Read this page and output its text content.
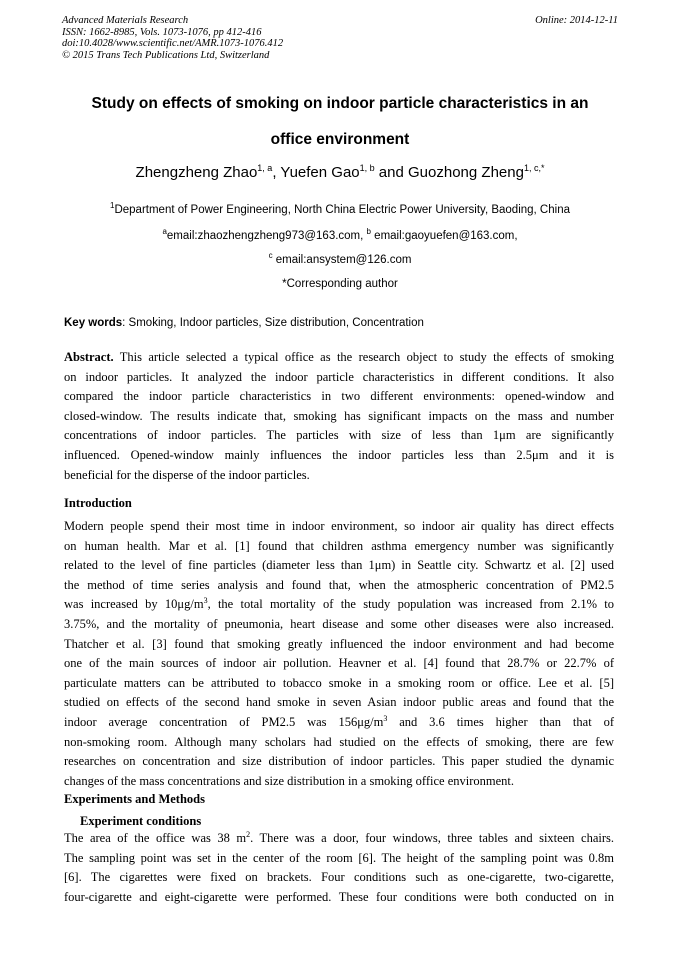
Advanced Materials Research
ISSN: 1662-8985, Vols. 1073-1076, pp 412-416
doi:10.4028/www.scientific.net/AMR.1073-1076.412
© 2015 Trans Tech Publications Ltd, Switzerland
Online: 2014-12-11
Study on effects of smoking on indoor particle characteristics in an
office environment
Zhengzheng Zhao$^{1, a}$, Yuefen Gao$^{1, b}$ and Guozhong Zheng$^{1, c,*}$
$^1$Department of Power Engineering, North China Electric Power University, Baoding, China
$^a$email:zhaozhengzheng973@163.com, $^b$ email:gaoyuefen@163.com,
$^c$ email:ansystem@126.com
*Corresponding author
Key words: Smoking, Indoor particles, Size distribution, Concentration
Abstract. This article selected a typical office as the research object to study the effects of smoking
on indoor particles. It analyzed the indoor particle characteristics in different conditions. It also
compared the indoor particle characteristics in two different environments: opened-window and
closed-window. The results indicate that, smoking has significant impacts on the mass and number
concentrations of indoor particles. The particles with size of less than 1μm are significantly
influenced. Opened-window mainly influences the indoor particles less than 2.5μm and it is
beneficial for the disperse of the indoor particles.
Introduction
Modern people spend their most time in indoor environment, so indoor air quality has direct effects
on human health. Mar et al. [1] found that children asthma emergency number was significantly
related to the level of fine particles (diameter less than 1μm) in Seattle city. Schwartz et al. [2] used
the method of time series analysis and found that, when the atmospheric concentration of PM2.5
was increased by $10\mu g/m^3$, the total mortality of the study population was increased from 2.1% to
3.75%, and the mortality of pneumonia, heart disease and some other diseases were also increased.
Thatcher et al. [3] found that smoking greatly influenced the indoor environment and had become
one of the main sources of indoor air pollution. Heavner et al. [4] found that 28.7% or 22.7% of
particulate matters can be attributed to tobacco smoke in a smoking room or office. Lee et al. [5]
studied on effects of the second hand smoke in seven Asian indoor public areas and found that the
indoor average concentration of PM2.5 was $156\mu g/m^3$ and 3.6 times higher than that of
non-smoking room. Although many scholars had studied on the effects of smoking, there are few
researches on concentration and size distribution of indoor particles. This paper studied the dynamic
changes of the mass concentrations and size distribution in a smoking office environment.
Experiments and Methods
Experiment conditions
The area of the office was 38 $m^2$. There was a door, four windows, three tables and sixteen chairs.
The sampling point was set in the center of the room [6]. The height of the sampling point was 0.8m
[6]. The cigarettes were fixed on brackets. Four conditions such as one-cigarette, two-cigarette,
four-cigarette and eight-cigarette were performed. These four conditions were both conducted on in
